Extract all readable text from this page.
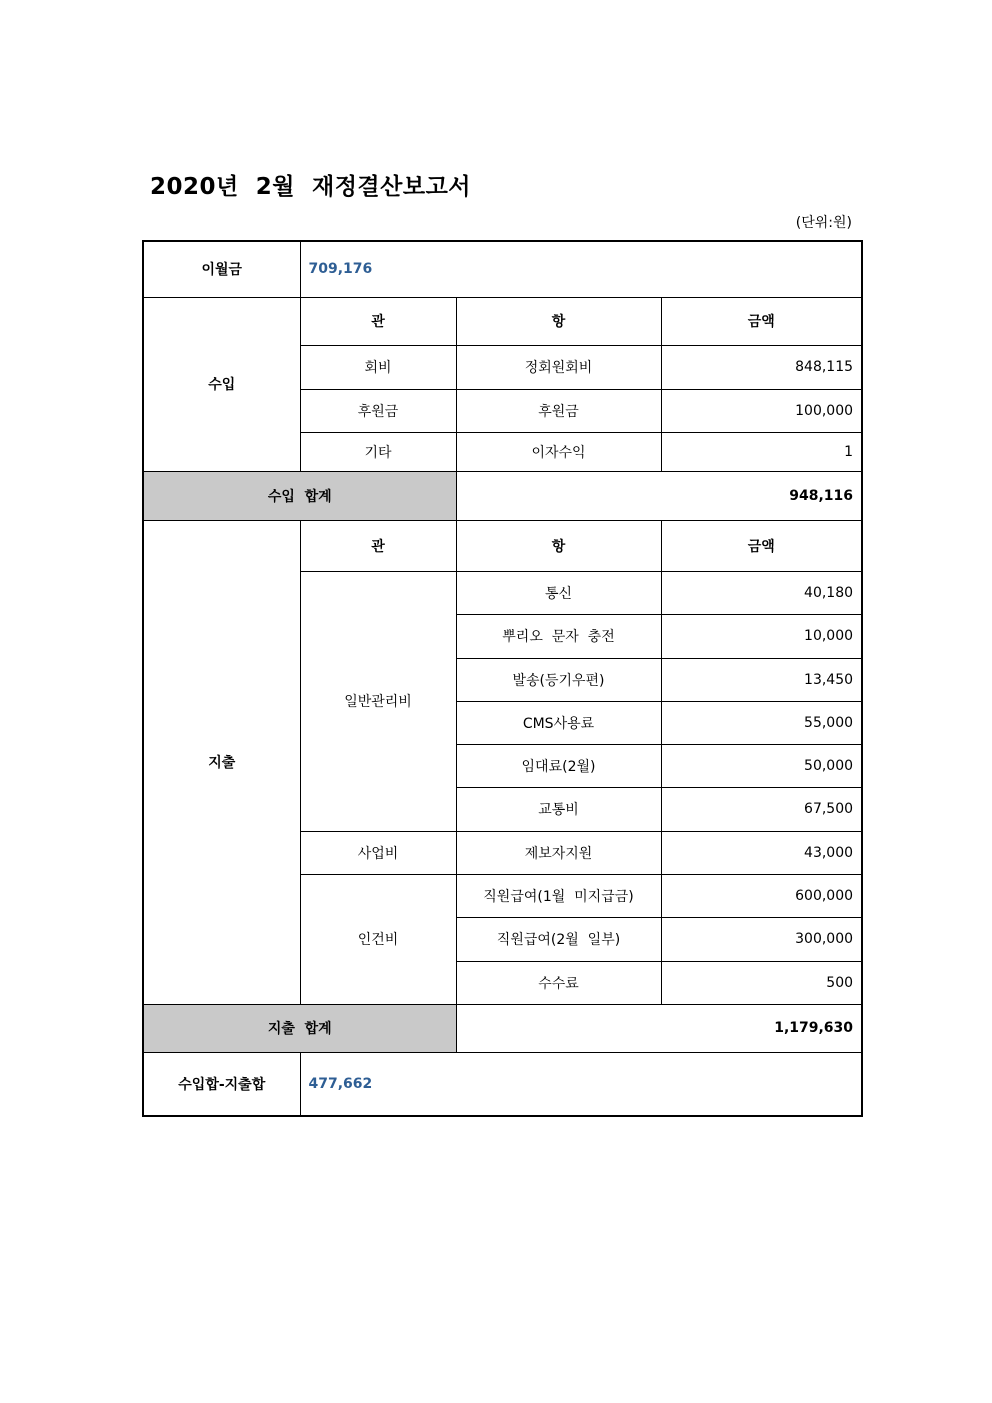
2020년  2월  재정결산보고서
(단위:원)
이월금	709,176		
수입	관	항	금액
	회비	정회원회비	848,115
	후원금	후원금	100,000
	기타	이자수익	1
수입  합계		948,116	
지출	관	항	금액
	일반관리비	통신	40,180
		뿌리오  문자  충전	10,000
		발송(등기우편)	13,450
		CMS사용료	55,000
		임대료(2월)	50,000
		교통비	67,500
	사업비	제보자지원	43,000
	인건비	직원급여(1월  미지급금)	600,000
		직원급여(2월  일부)	300,000
		수수료	500
지출  합계		1,179,630	
수입합-지출합	477,662		
